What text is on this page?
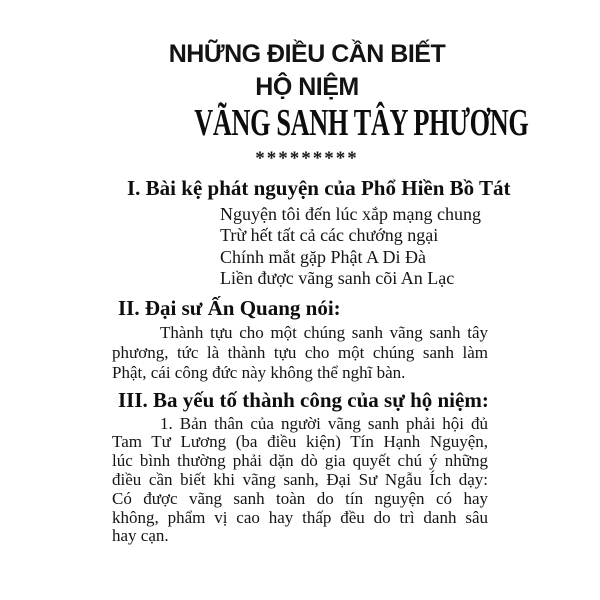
NHỮNG ĐIỀU CẦN BIẾT
HỘ NIỆM
VÃNG SANH TÂY PHƯƠNG
*********
I. Bài kệ phát nguyện của Phổ Hiền Bồ Tát
Nguyện tôi đến lúc xắp mạng chung
Trừ hết tất cả các chướng ngại
Chính mắt gặp Phật A Di Đà
Liền được vãng sanh cõi An Lạc
II. Đại sư Ấn Quang nói:
Thành tựu cho một chúng sanh vãng sanh tây
phương, tức là thành tựu cho một chúng sanh làm
Phật, cái công đức này không thể nghĩ bàn.
III. Ba yếu tố thành công của sự hộ niệm:
1. Bản thân của người vãng sanh phải hội đủ
Tam Tư Lương (ba điều kiện) Tín Hạnh Nguyện,
lúc bình thường phải dặn dò gia quyết chú ý những
điều cần biết khi vãng sanh, Đại Sư Ngẫu Ích dạy:
Có được vãng sanh toàn do tín nguyện có hay
không, phẩm vị cao hay thấp đều do trì danh sâu
hay cạn.
